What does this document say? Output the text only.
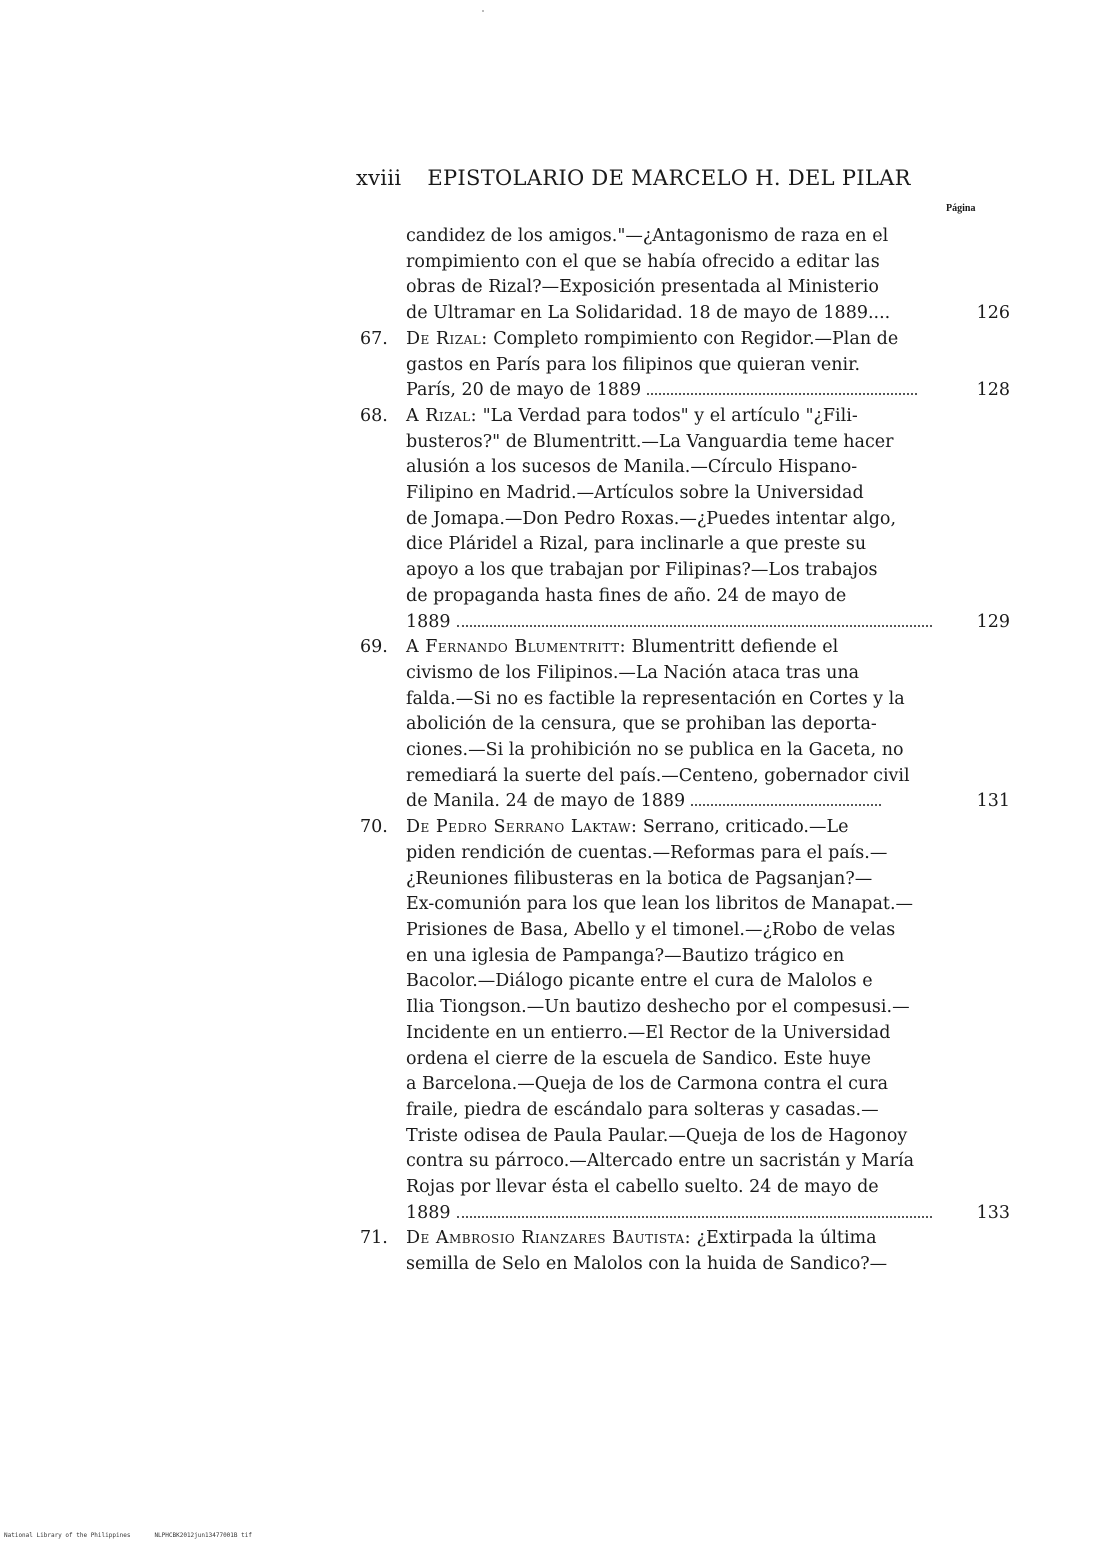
xviii EPISTOLARIO DE MARCELO H. DEL PILAR
Página
candidez de los amigos."—¿Antagonismo de raza en el
rompimiento con el que se había ofrecido a editar las
obras de Rizal?—Exposición presentada al Ministerio
de Ultramar en La Solidaridad. 18 de mayo de 1889....	126
67.	De Rizal: Completo rompimiento con Regidor.—Plan de
gastos en París para los filipinos que quieran venir.
París, 20 de mayo de 1889	128
68.	A Rizal: "La Verdad para todos" y el artículo "¿Fili-
busteros?" de Blumentritt.—La Vanguardia teme hacer
alusión a los sucesos de Manila.—Círculo Hispano-
Filipino en Madrid.—Artículos sobre la Universidad
de Jomapa.—Don Pedro Roxas.—¿Puedes intentar algo,
dice Pláridel a Rizal, para inclinarle a que preste su
apoyo a los que trabajan por Filipinas?—Los trabajos
de propaganda hasta fines de año. 24 de mayo de
1889	129
69.	A Fernando Blumentritt: Blumentritt defiende el
civismo de los Filipinos.—La Nación ataca tras una
falda.—Si no es factible la representación en Cortes y la
abolición de la censura, que se prohiban las deporta-
ciones.—Si la prohibición no se publica en la Gaceta, no
remediará la suerte del país.—Centeno, gobernador civil
de Manila. 24 de mayo de 1889	131
70.	De Pedro Serrano Laktaw: Serrano, criticado.—Le
piden rendición de cuentas.—Reformas para el país.—
¿Reuniones filibusteras en la botica de Pagsanjan?—
Ex-comunión para los que lean los libritos de Manapat.—
Prisiones de Basa, Abello y el timonel.—¿Robo de velas
en una iglesia de Pampanga?—Bautizo trágico en
Bacolor.—Diálogo picante entre el cura de Malolos e
Ilia Tiongson.—Un bautizo deshecho por el compesusi.—
Incidente en un entierro.—El Rector de la Universidad
ordena el cierre de la escuela de Sandico. Este huye
a Barcelona.—Queja de los de Carmona contra el cura
fraile, piedra de escándalo para solteras y casadas.—
Triste odisea de Paula Paular.—Queja de los de Hagonoy
contra su párroco.—Altercado entre un sacristán y María
Rojas por llevar ésta el cabello suelto. 24 de mayo de
1889	133
71.	De Ambrosio Rianzares Bautista: ¿Extirpada la última
semilla de Selo en Malolos con la huida de Sandico?—
National Library of the Philippines	NLPHCBK2012jun13477001B tif
